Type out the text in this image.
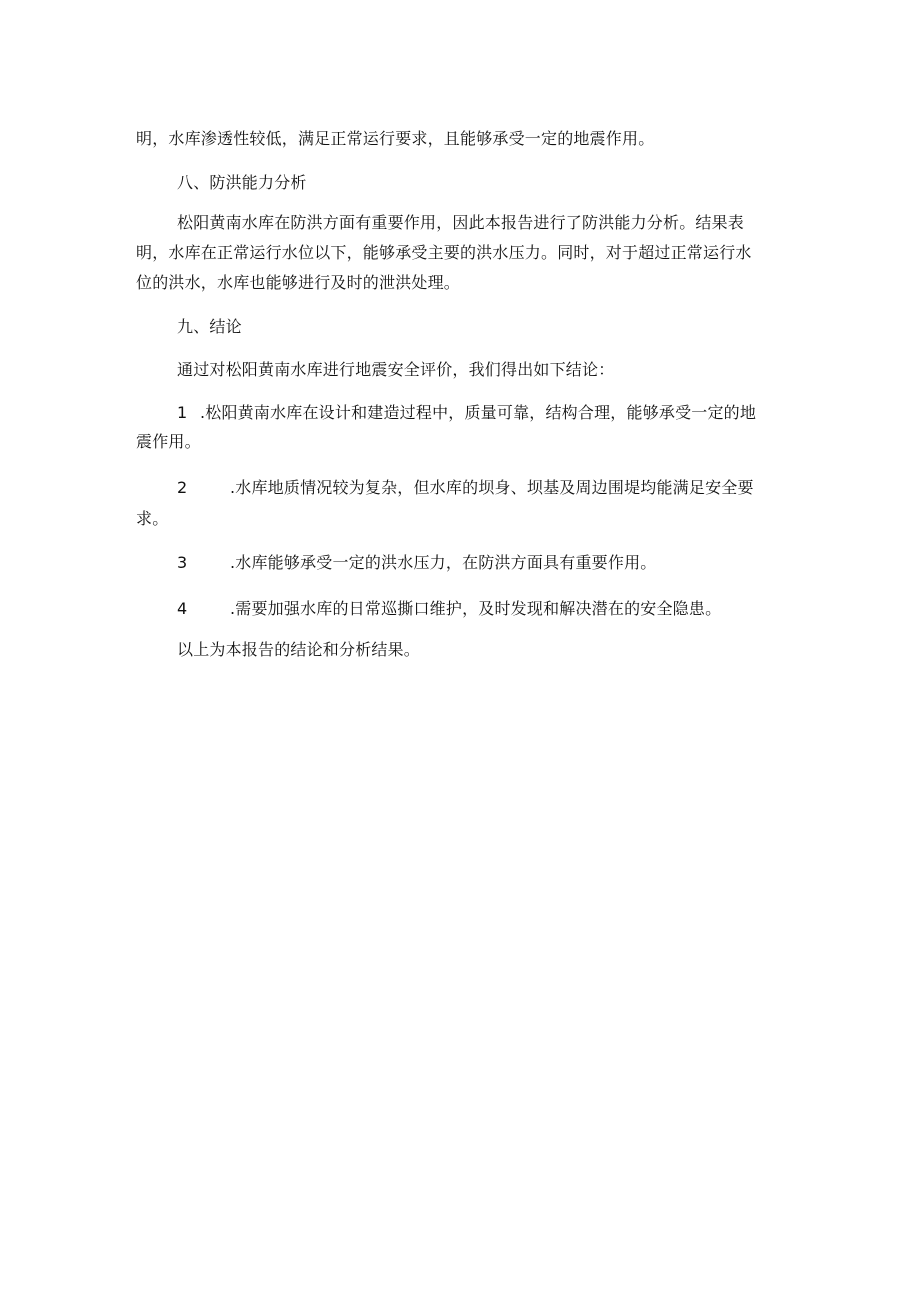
明，水库渗透性较低，满足正常运行要求，且能够承受一定的地震作用。
八、防洪能力分析
松阳黄南水库在防洪方面有重要作用，因此本报告进行了防洪能力分析。结果表
明，水库在正常运行水位以下，能够承受主要的洪水压力。同时，对于超过正常运行水
位的洪水，水库也能够进行及时的泄洪处理。
九、结论
通过对松阳黄南水库进行地震安全评价，我们得出如下结论：
1 .松阳黄南水库在设计和建造过程中，质量可靠，结构合理，能够承受一定的地
震作用。
2	.水库地质情况较为复杂，但水库的坝身、坝基及周边围堤均能满足安全要
求。
3	.水库能够承受一定的洪水压力，在防洪方面具有重要作用。
4	.需要加强水库的日常巡撕口维护，及时发现和解决潜在的安全隐患。
以上为本报告的结论和分析结果。
